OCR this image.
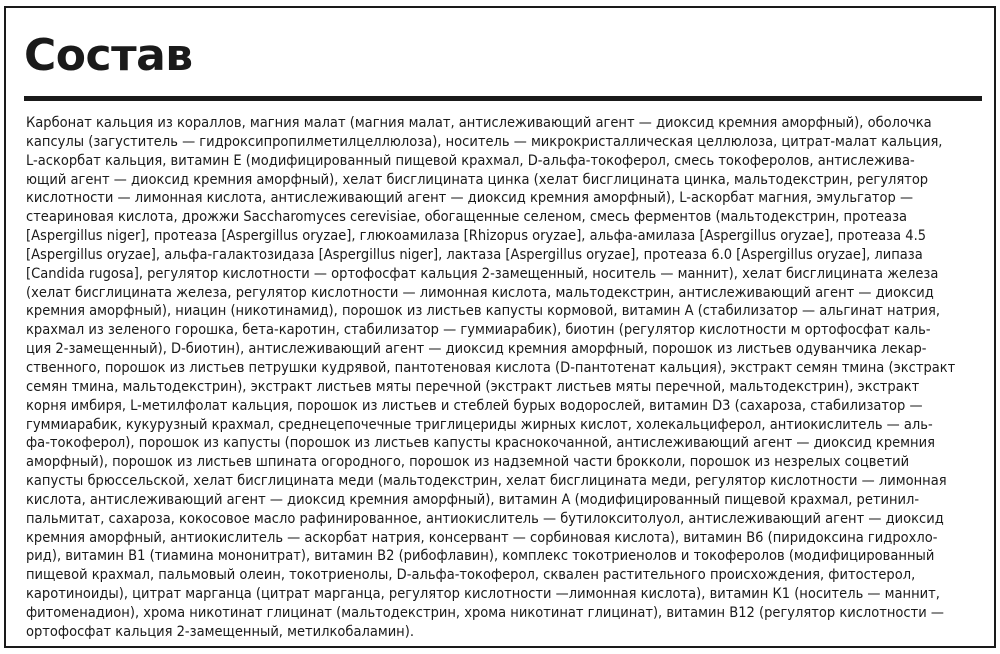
Состав
Карбонат кальция из кораллов, магния малат (магния малат, антислеживающий агент — диоксид кремния аморфный), оболочка
капсулы (загуститель — гидроксипропилметилцеллюлоза), носитель — микрокристаллическая целлюлоза, цитрат-малат кальция,
L-аскорбат кальция, витамин Е (модифицированный пищевой крахмал, D-альфа-токоферол, смесь токоферолов, антислежива-
ющий агент — диоксид кремния аморфный), хелат бисглицината цинка (хелат бисглицината цинка, мальтодекстрин, регулятор
кислотности — лимонная кислота, антислеживающий агент — диоксид кремния аморфный), L-аскорбат магния, эмульгатор —
стеариновая кислота, дрожжи Saccharomyces cerevisiae, обогащенные селеном, смесь ферментов (мальтодекстрин, протеаза
[Aspergillus niger], протеаза [Aspergillus oryzae], глюкоамилаза [Rhizopus oryzae], альфа-амилаза [Aspergillus oryzae], протеаза 4.5
[Aspergillus oryzae], альфа-галактозидаза [Aspergillus niger], лактаза [Aspergillus oryzae], протеаза 6.0 [Aspergillus oryzae], липаза
[Candida rugosa], регулятор кислотности — ортофосфат кальция 2-замещенный, носитель — маннит), хелат бисглицината железа
(хелат бисглицината железа, регулятор кислотности — лимонная кислота, мальтодекстрин, антислеживающий агент — диоксид
кремния аморфный), ниацин (никотинамид), порошок из листьев капусты кормовой, витамин А (стабилизатор — альгинат натрия,
крахмал из зеленого горошка, бета-каротин, стабилизатор — гуммиарабик), биотин (регулятор кислотности м ортофосфат каль-
ция 2-замещенный), D-биотин), антислеживающий агент — диоксид кремния аморфный, порошок из листьев одуванчика лекар-
ственного, порошок из листьев петрушки кудрявой, пантотеновая кислота (D-пантотенат кальция), экстракт семян тмина (экстракт
семян тмина, мальтодекстрин), экстракт листьев мяты перечной (экстракт листьев мяты перечной, мальтодекстрин), экстракт
корня имбиря, L-метилфолат кальция, порошок из листьев и стеблей бурых водорослей, витамин D3 (сахароза, стабилизатор —
гуммиарабик, кукурузный крахмал, среднецепочечные триглицериды жирных кислот, холекальциферол, антиокислитель — аль-
фа-токоферол), порошок из капусты (порошок из листьев капусты краснокочанной, антислеживающий агент — диоксид кремния
аморфный), порошок из листьев шпината огородного, порошок из надземной части брокколи, порошок из незрелых соцветий
капусты брюссельской, хелат бисглицината меди (мальтодекстрин, хелат бисглицината меди, регулятор кислотности — лимонная
кислота, антислеживающий агент — диоксид кремния аморфный), витамин А (модифицированный пищевой крахмал, ретинил-
пальмитат, сахароза, кокосовое масло рафинированное, антиокислитель — бутилокситолуол, антислеживающий агент — диоксид
кремния аморфный, антиокислитель — аскорбат натрия, консервант — сорбиновая кислота), витамин В6 (пиридоксина гидрохло-
рид), витамин В1 (тиамина мононитрат), витамин В2 (рибофлавин), комплекс токотриенолов и токоферолов (модифицированный
пищевой крахмал, пальмовый олеин, токотриенолы, D-альфа-токоферол, сквален растительного происхождения, фитостерол,
каротиноиды), цитрат марганца (цитрат марганца, регулятор кислотности —лимонная кислота), витамин К1 (носитель — маннит,
фитоменадион), хрома никотинат глицинат (мальтодекстрин, хрома никотинат глицинат), витамин В12 (регулятор кислотности —
ортофосфат кальция 2-замещенный, метилкобаламин).
